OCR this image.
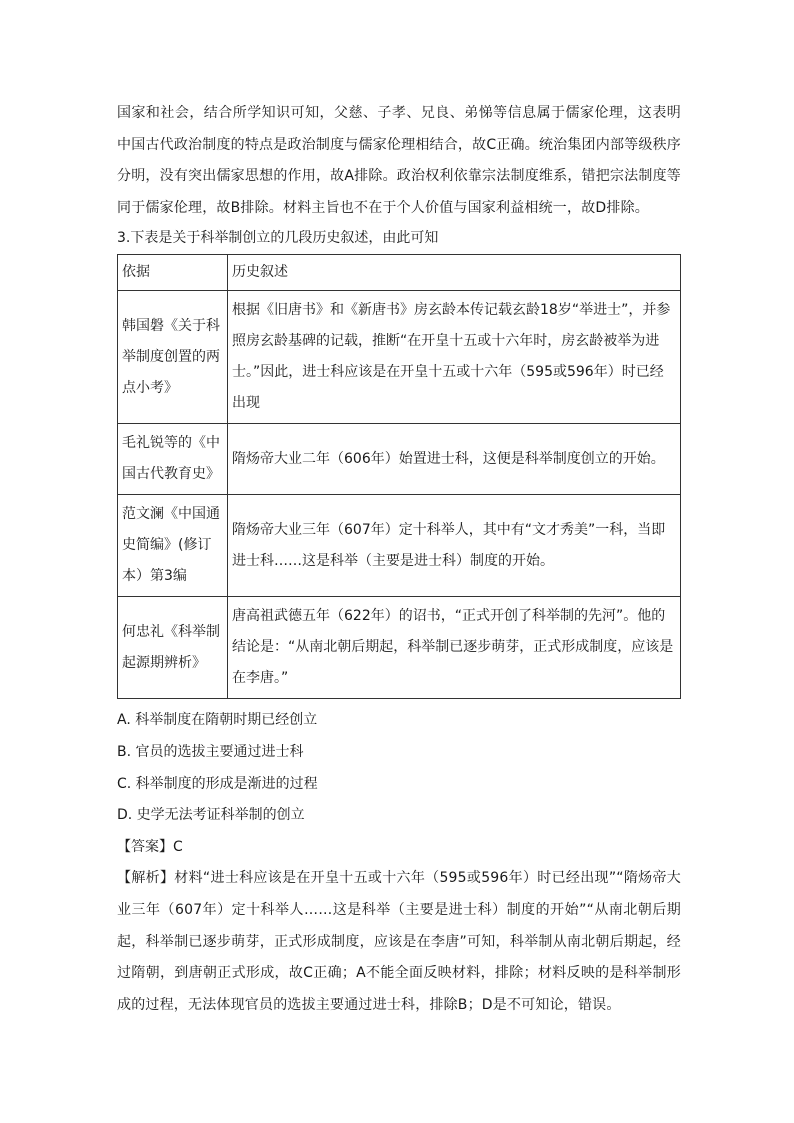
国家和社会，结合所学知识可知，父慈、子孝、兄良、弟悌等信息属于儒家伦理，这表明中国古代政治制度的特点是政治制度与儒家伦理相结合，故C正确。统治集团内部等级秩序分明，没有突出儒家思想的作用，故A排除。政治权利依靠宗法制度维系，错把宗法制度等同于儒家伦理，故B排除。材料主旨也不在于个人价值与国家利益相统一，故D排除。

3.下表是关于科举制创立的几段历史叙述，由此可知

依据	历史叙述
韩国磐《关于科举制度创置的两点小考》	根据《旧唐书》和《新唐书》房玄龄本传记载玄龄18岁“举进士”，并参照房玄龄基碑的记载，推断“在开皇十五或十六年时，房玄龄被举为进士。”因此，进士科应该是在开皇十五或十六年（595或596年）时已经出现
毛礼锐等的《中国古代教育史》	隋炀帝大业二年（606年）始置进士科，这便是科举制度创立的开始。
范文澜《中国通史简编》(修订本）第3编	隋炀帝大业三年（607年）定十科举人，其中有“文才秀美”一科，当即进士科……这是科举（主要是进士科）制度的开始。
何忠礼《科举制起源期辨析》	唐高祖武德五年（622年）的诏书，“正式开创了科举制的先河”。他的结论是：“从南北朝后期起，科举制已逐步萌芽，正式形成制度，应该是在李唐。”

A. 科举制度在隋朝时期已经创立

B. 官员的选拔主要通过进士科

C. 科举制度的形成是渐进的过程

D. 史学无法考证科举制的创立

【答案】C

【解析】材料“进士科应该是在开皇十五或十六年（595或596年）时已经出现”“隋炀帝大业三年（607年）定十科举人……这是科举（主要是进士科）制度的开始”“从南北朝后期起，科举制已逐步萌芽，正式形成制度，应该是在李唐”可知，科举制从南北朝后期起，经过隋朝，到唐朝正式形成，故C正确；A不能全面反映材料，排除；材料反映的是科举制形成的过程，无法体现官员的选拔主要通过进士科，排除B；D是不可知论，错误。
